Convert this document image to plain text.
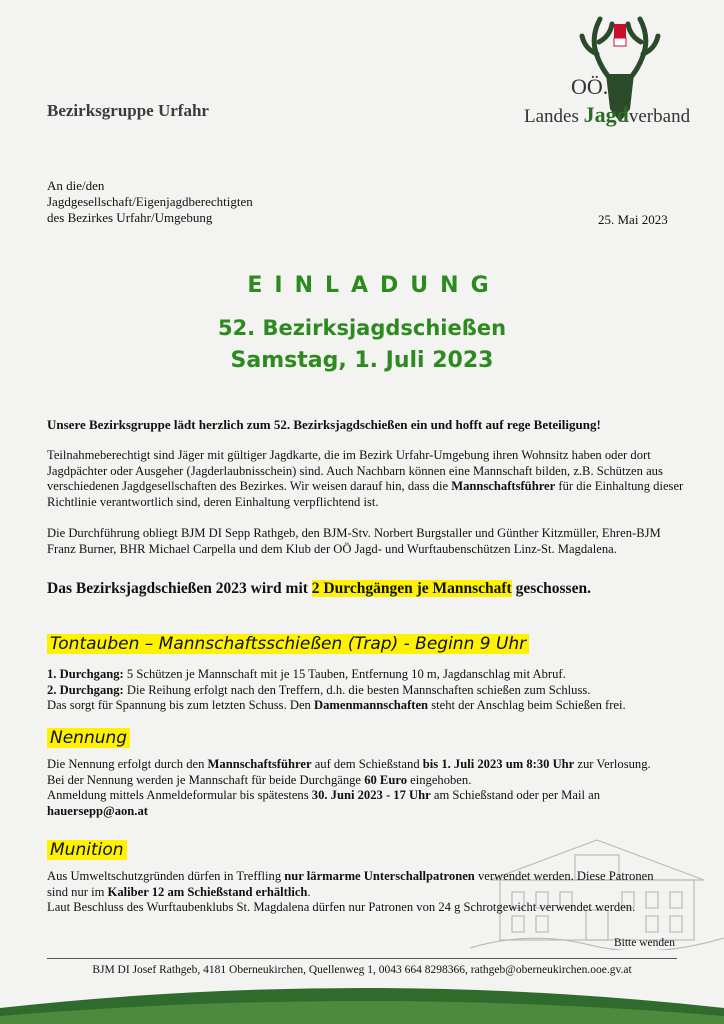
Bezirksgruppe Urfahr
OÖ.
Landes Jagdverband
An die/den
Jagdgesellschaft/Eigenjagdberechtigten
des Bezirkes Urfahr/Umgebung	25. Mai 2023
EINLADUNG
52. Bezirksjagdschießen
Samstag, 1. Juli 2023
Unsere Bezirksgruppe lädt herzlich zum 52. Bezirksjagdschießen ein und hofft auf rege Beteiligung!
Teilnahmeberechtigt sind Jäger mit gültiger Jagdkarte, die im Bezirk Urfahr-Umgebung ihren Wohnsitz haben oder dort Jagdpächter oder Ausgeher (Jagderlaubnisschein) sind. Auch Nachbarn können eine Mannschaft bilden, z.B. Schützen aus verschiedenen Jagdgesellschaften des Bezirkes. Wir weisen darauf hin, dass die Mannschaftsführer für die Einhaltung dieser Richtlinie verantwortlich sind, deren Einhaltung verpflichtend ist.
Die Durchführung obliegt BJM DI Sepp Rathgeb, den BJM-Stv. Norbert Burgstaller und Günther Kitzmüller, Ehren-BJM Franz Burner, BHR Michael Carpella und dem Klub der OÖ Jagd- und Wurftaubenschützen Linz-St. Magdalena.
Das Bezirksjagdschießen 2023 wird mit 2 Durchgängen je Mannschaft geschossen.
Tontauben – Mannschaftsschießen (Trap) - Beginn 9 Uhr
1. Durchgang: 5 Schützen je Mannschaft mit je 15 Tauben, Entfernung 10 m, Jagdanschlag mit Abruf.
2. Durchgang: Die Reihung erfolgt nach den Treffern, d.h. die besten Mannschaften schießen zum Schluss.
Das sorgt für Spannung bis zum letzten Schuss. Den Damenmannschaften steht der Anschlag beim Schießen frei.
Nennung
Die Nennung erfolgt durch den Mannschaftsführer auf dem Schießstand bis 1. Juli 2023 um 8:30 Uhr zur Verlosung.
Bei der Nennung werden je Mannschaft für beide Durchgänge 60 Euro eingehoben.
Anmeldung mittels Anmeldeformular bis spätestens 30. Juni 2023 - 17 Uhr am Schießstand oder per Mail an
hauersepp@aon.at
Munition
Aus Umweltschutzgründen dürfen in Treffling nur lärmarme Unterschallpatronen verwendet werden. Diese Patronen
sind nur im Kaliber 12 am Schießstand erhältlich.
Laut Beschluss des Wurftaubenklubs St. Magdalena dürfen nur Patronen von 24 g Schrotgewicht verwendet werden.
Bitte wenden
BJM DI Josef Rathgeb, 4181 Oberneukirchen, Quellenweg 1, 0043 664 8298366, rathgeb@oberneukirchen.ooe.gv.at
